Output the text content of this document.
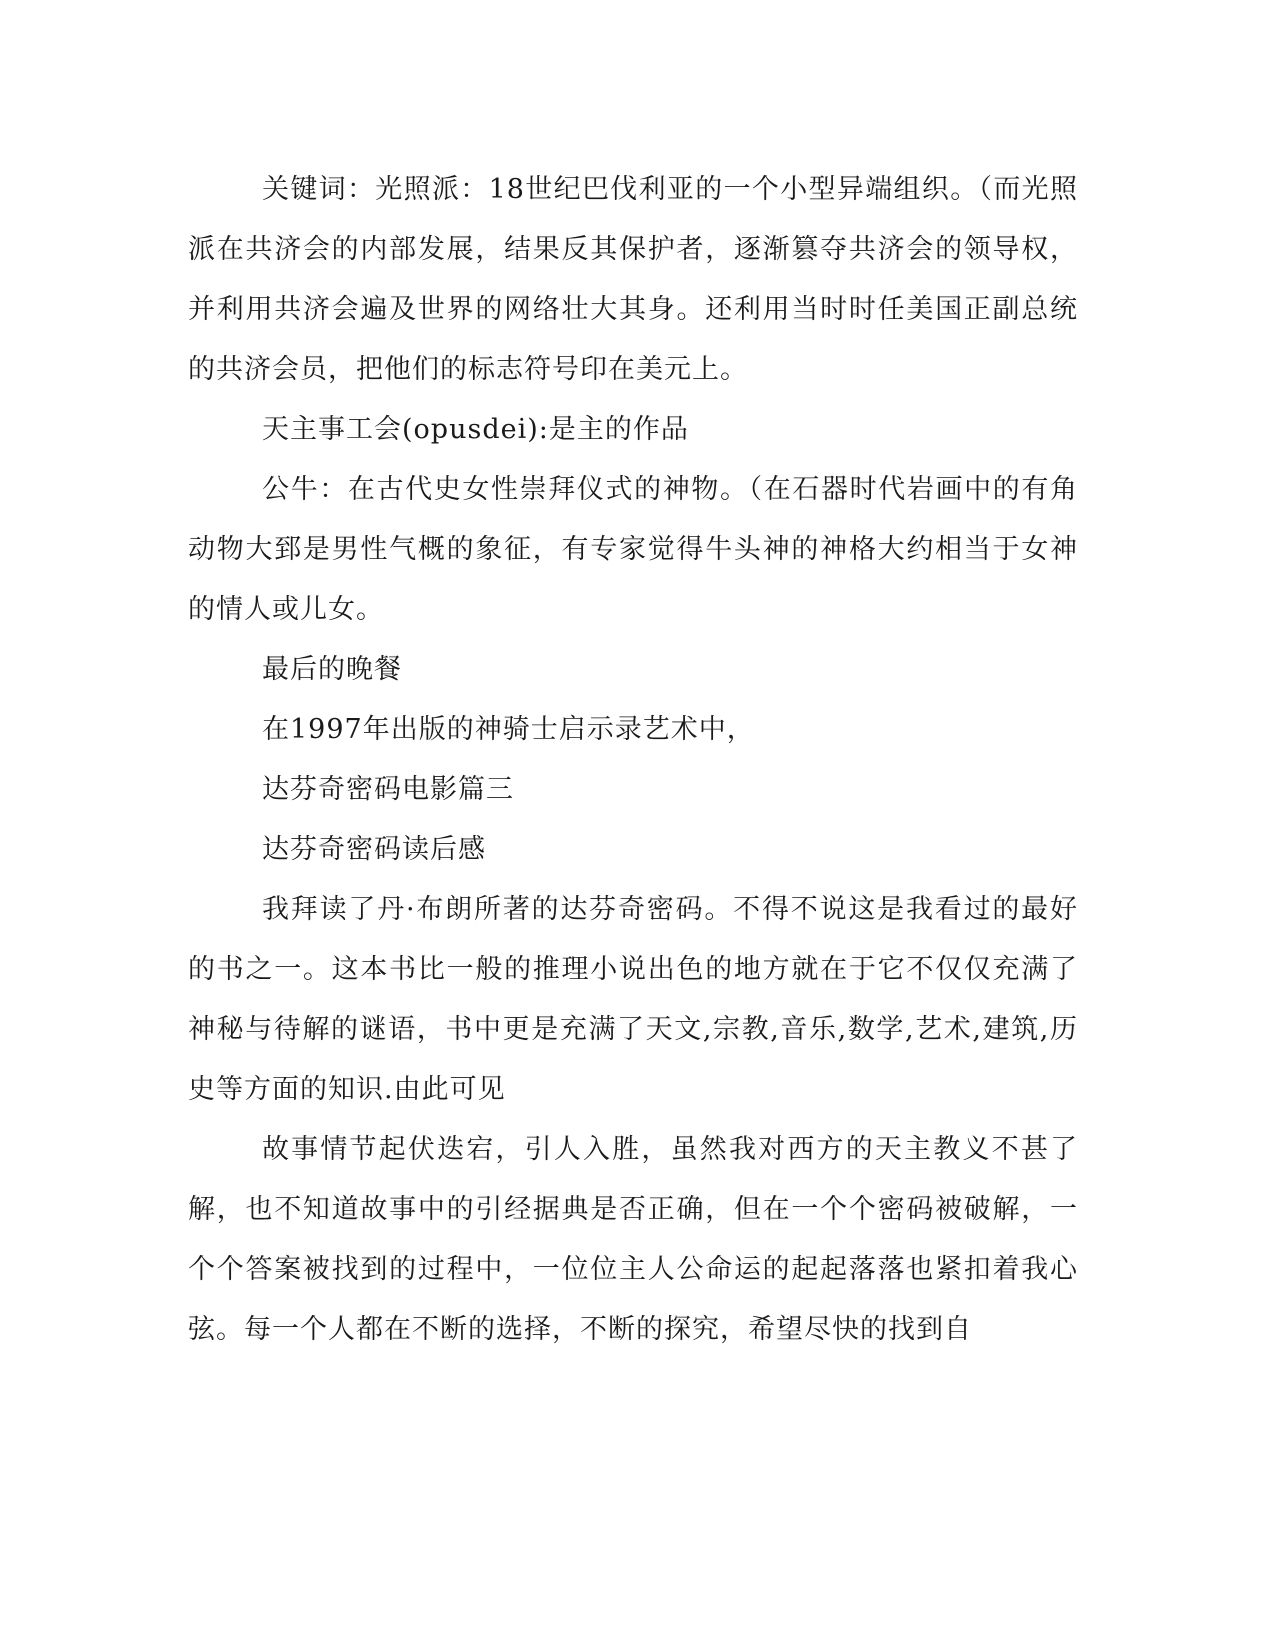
关键词：光照派：18世纪巴伐利亚的一个小型异端组织。（而光照派在共济会的内部发展，结果反其保护者，逐渐篡夺共济会的领导权，并利用共济会遍及世界的网络壮大其身。还利用当时时任美国正副总统的共济会员，把他们的标志符号印在美元上。

天主事工会(opusdei):是主的作品

公牛：在古代史女性崇拜仪式的神物。（在石器时代岩画中的有角动物大郅是男性气概的象征，有专家觉得牛头神的神格大约相当于女神的情人或儿女。

最后的晚餐

在1997年出版的神骑士启示录艺术中，

达芬奇密码电影篇三

达芬奇密码读后感

我拜读了丹·布朗所著的达芬奇密码。不得不说这是我看过的最好的书之一。这本书比一般的推理小说出色的地方就在于它不仅仅充满了神秘与待解的谜语，书中更是充满了天文,宗教,音乐,数学,艺术,建筑,历史等方面的知识.由此可见

故事情节起伏迭宕，引人入胜，虽然我对西方的天主教义不甚了解，也不知道故事中的引经据典是否正确，但在一个个密码被破解，一个个答案被找到的过程中，一位位主人公命运的起起落落也紧扣着我心弦。每一个人都在不断的选择，不断的探究，希望尽快的找到自
